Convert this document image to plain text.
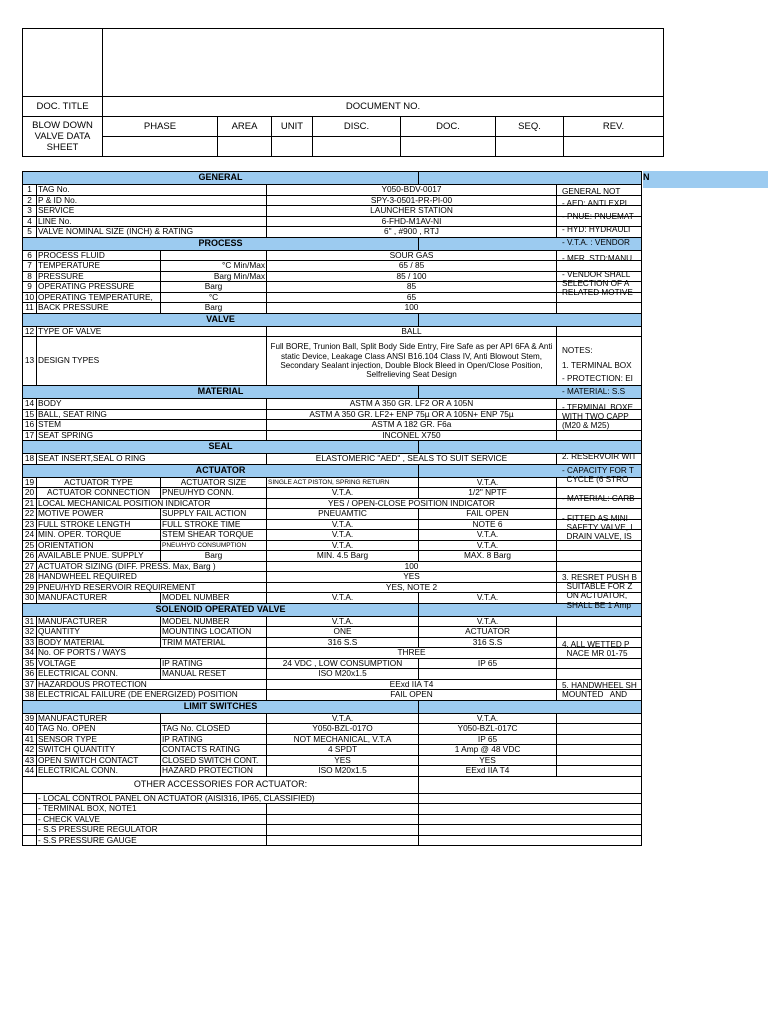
DOC. TITLE	DOCUMENT NO.						
BLOW DOWN VALVE DATA SHEET	PHASE	AREA	UNIT	DISC.	DOC.	SEQ.	REV.

GENERAL					
1	TAG No.		Y050-BDV-0017		
2	P & ID No.		SPY-3-0501-PR-PI-00		
3	SERVICE		LAUNCHER STATION		
4	LINE No.		6-FHD-M1AV-NI		
5	VALVE NOMINAL SIZE (INCH) & RATING		6" , #900 , RTJ		
PROCESS					
6	PROCESS FLUID		SOUR GAS		
7	TEMPERATURE	°C Min/Max	65 / 85		
8	PRESSURE	Barg Min/Max	85 / 100		
9	OPERATING PRESSURE	Barg	85		
10	OPERATING TEMPERATURE,	°C	65		
11	BACK PRESSURE	Barg	100		
VALVE					
12	TYPE OF VALVE		BALL		
13	DESIGN TYPES		Full BORE, Trunion Ball, Split Body Side Entry, Fire Safe as per API 6FA & Anti static Device, Leakage Class ANSI B16.104 Class IV, Anti Blowout Stem, Secondary Sealant injection, Double Block Bleed in Open/Close Position, Selfrelieving Seat Design		
MATERIAL					
14	BODY		ASTM A 350 GR. LF2 OR A 105N		
15	BALL, SEAT RING		ASTM A 350 GR. LF2+ ENP 75µ OR A 105N+ ENP 75µ		
16	STEM		ASTM A 182 GR. F6a		
17	SEAT SPRING		INCONEL X750		
SEAL					
18	SEAT INSERT,SEAL O RING		ELASTOMERIC "AED" , SEALS TO SUIT SERVICE		
ACTUATOR					
19	ACTUATOR TYPE	ACTUATOR SIZE	SINGLE ACT PISTON, SPRING RETURN	V.T.A.	
20	ACTUATOR CONNECTION	PNEU/HYD CONN.	V.T.A.	1/2" NPTF	
21	LOCAL MECHANICAL POSITION INDICATOR		YES / OPEN-CLOSE POSITION INDICATOR		
22	MOTIVE POWER	SUPPLY FAIL ACTION	PNEUAMTIC	FAIL OPEN	
23	FULL STROKE LENGTH	FULL STROKE TIME	V.T.A.	NOTE 6	
24	MIN. OPER. TORQUE	STEM SHEAR TORQUE	V.T.A.	V.T.A.	
25	ORIENTATION	PNEU/HYD CONSUMPTION	V.T.A.	V.T.A.	
26	AVAILABLE PNUE. SUPPLY	Barg	MIN. 4.5 Barg	MAX. 8 Barg	
27	ACTUATOR SIZING (DIFF. PRESS. Max, Barg )		100		
28	HANDWHEEL REQUIRED		YES		
29	PNEU/HYD RESERVOIR REQUIREMENT		YES, NOTE 2		
30	MANUFACTURER	MODEL NUMBER	V.T.A.	V.T.A.	
SOLENOID OPERATED VALVE					
31	MANUFACTURER	MODEL NUMBER	V.T.A.	V.T.A.	
32	QUANTITY	MOUNTING LOCATION	ONE	ACTUATOR	
33	BODY MATERIAL	TRIM MATERIAL	316 S.S	316 S.S	
34	No. OF PORTS / WAYS		THREE		
35	VOLTAGE	IP RATING	24 VDC , LOW CONSUMPTION	IP 65	
36	ELECTRICAL CONN.	MANUAL RESET	ISO M20x1.5		
37	HAZARDOUS PROTECTION		EExd IIA T4		
38	ELECTRICAL FAILURE (DE ENERGIZED) POSITION		FAIL OPEN		
LIMIT SWITCHES					
39	MANUFACTURER		V.T.A.	V.T.A.	
40	TAG No. OPEN	TAG No. CLOSED	Y050-BZL-017O	Y050-BZL-017C	
41	SENSOR TYPE	IP RATING	NOT MECHANICAL, V.T.A	IP 65	
42	SWITCH QUANTITY	CONTACTS RATING	4 SPDT	1 Amp @ 48 VDC	
43	OPEN SWITCH CONTACT	CLOSED SWITCH CONT.	YES	YES	
44	ELECTRICAL CONN.	HAZARD PROTECTION	ISO M20x1.5	EExd IIA T4	
OTHER ACCESSORIES FOR ACTUATOR:					
	- LOCAL CONTROL PANEL ON ACTUATOR (AISI316, IP65, CLASSIFIED)				
	- TERMINAL BOX, NOTE1				
	- CHECK VALVE				
	- S.S PRESSURE REGULATOR				
	- S.S PRESSURE GAUGE				
N
GENERAL NOT
- AED: ANTI EXPL.
- PNUE: PNUEMAT
- HYD: HYDRAULI
- V.T.A. : VENDOR
- MFR. STD:MANU
- VENDOR SHALL
SELECTION OF A
RELATED MOTIVE
NOTES:
1. TERMINAL BOX
- PROTECTION: EI
- MATERIAL: S.S
- TERMINAL BOXE
WITH TWO CAPP
(M20 & M25)
2. RESERVOIR WIT
- CAPACITY FOR T
CYCLE (6 STRO
- MATERIAL: CARB
- FITTED AS MINI
SAFETY VALVE, I
DRAIN VALVE, IS
3. RESRET PUSH B
SUITABLE FOR Z
ON ACTUATOR,
SHALL BE 1 Amp
4. ALL WETTED P
NACE MR 01-75
5. HANDWHEEL SH
MOUNTED   AND
